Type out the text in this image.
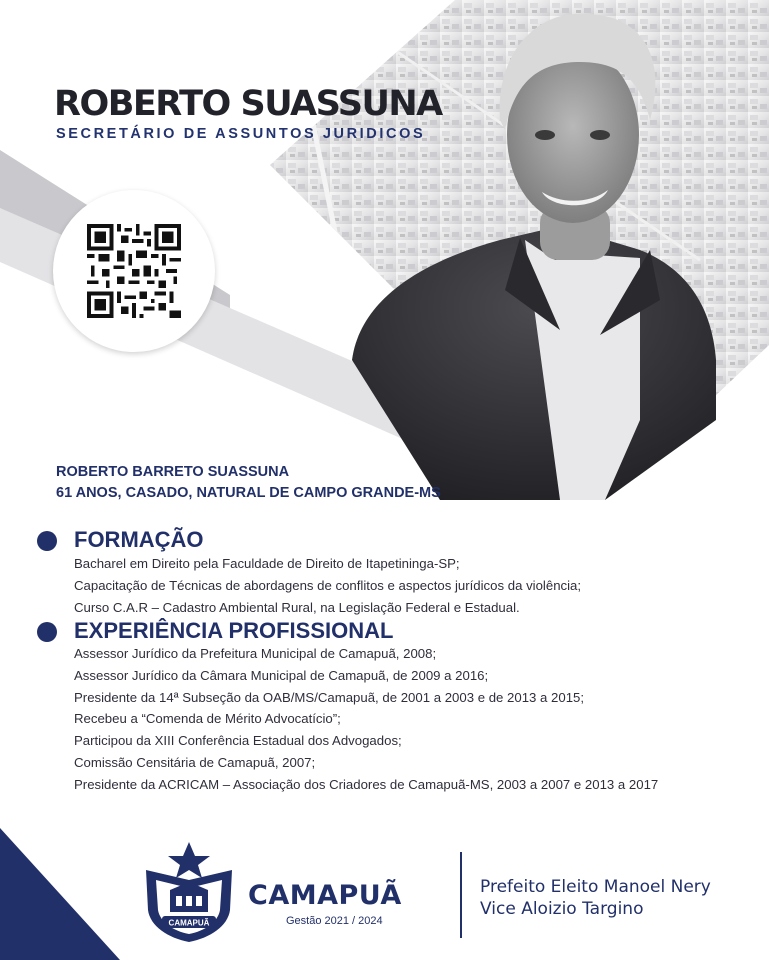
ROBERTO SUASSUNA
SECRETÁRIO DE ASSUNTOS JURIDICOS
ROBERTO BARRETO SUASSUNA
61 ANOS, CASADO, NATURAL DE CAMPO GRANDE-MS
FORMAÇÃO
Bacharel em Direito pela Faculdade de Direito de Itapetininga-SP;
Capacitação de Técnicas de abordagens de conflitos e aspectos jurídicos da violência;
Curso C.A.R – Cadastro Ambiental Rural, na Legislação Federal e Estadual.
EXPERIÊNCIA PROFISSIONAL
Assessor Jurídico da Prefeitura Municipal de Camapuã, 2008;
Assessor Jurídico da Câmara Municipal de Camapuã, de 2009 a 2016;
Presidente da 14ª Subseção da OAB/MS/Camapuã, de 2001 a 2003 e de 2013 a 2015;
Recebeu a “Comenda de Mérito Advocatício”;
Participou da XIII Conferência Estadual dos Advogados;
Comissão Censitária de Camapuã, 2007;
Presidente da ACRICAM – Associação dos Criadores de Camapuã-MS, 2003 a 2007 e 2013 a 2017
CAMAPUÃ
CAMAPUÃ
Gestão 2021 / 2024
Prefeito Eleito Manoel Nery
Vice Aloizio Targino
